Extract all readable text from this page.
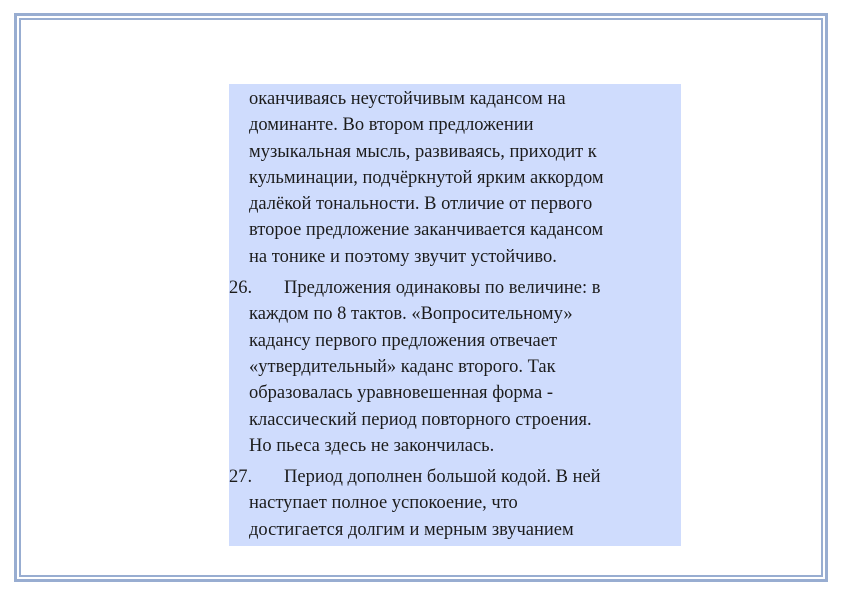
оканчиваясь неустойчивым кадансом на
доминанте. Во втором предложении
музыкальная мысль, развиваясь, приходит к
кульминации, подчёркнутой ярким аккордом
далёкой тональности. В отличие от первого
второе предложение заканчивается кадансом
на тонике и поэтому звучит устойчиво.
26.	Предложения одинаковы по величине: в
каждом по 8 тактов. «Вопросительному»
кадансу первого предложения отвечает
«утвердительный» каданс второго. Так
образовалась уравновешенная форма -
классический период повторного строения.
Но пьеса здесь не закончилась.
27.	Период дополнен большой кодой. В ней
наступает полное успокоение, что
достигается долгим и мерным звучанием
